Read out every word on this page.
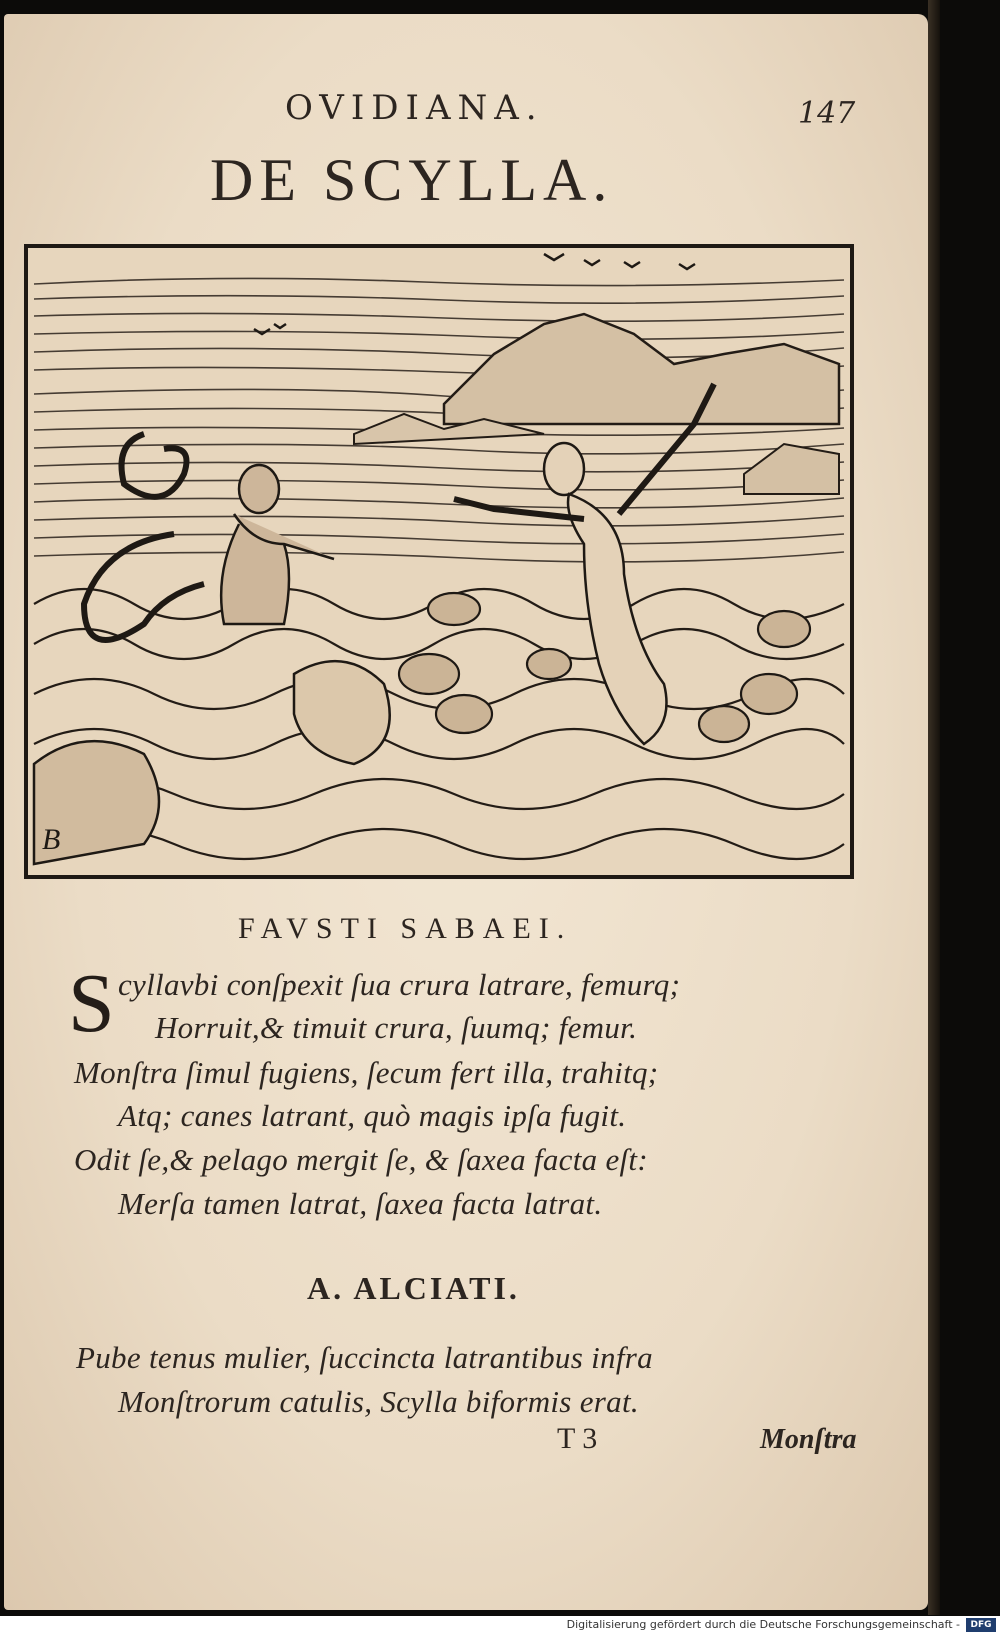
OVIDIANA.	147

DE SCYLLA.

B

FAVSTI SABAEI.

S cyllavbi conſpexit ſua crura latrare, femurq;

Horruit,& timuit crura, ſuumq; femur.

Monſtra ſimul fugiens, ſecum fert illa, trahitq;

Atq; canes latrant, quò magis ipſa fugit.

Odit ſe,& pelago mergit ſe, & ſaxea facta eſt:

Merſa tamen latrat, ſaxea facta latrat.

A. ALCIATI.

Pube tenus mulier, ſuccincta latrantibus infra

Monſtrorum catulis, Scylla biformis erat.

T 3	Monſtra

Digitalisierung gefördert durch die Deutsche Forschungsgemeinschaft -	DFG
